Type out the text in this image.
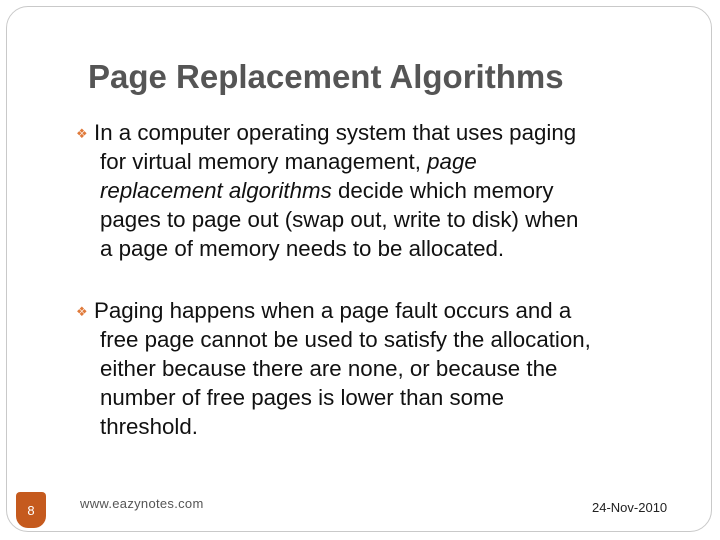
Page Replacement Algorithms
❖ In a computer operating system that uses paging
for virtual memory management, page
replacement algorithms decide which memory
pages to page out (swap out, write to disk) when
a page of memory needs to be allocated.
❖ Paging happens when a page fault occurs and a
free page cannot be used to satisfy the allocation,
either because there are none, or because the
number of free pages is lower than some
threshold.
8	www.eazynotes.com	24-Nov-2010
